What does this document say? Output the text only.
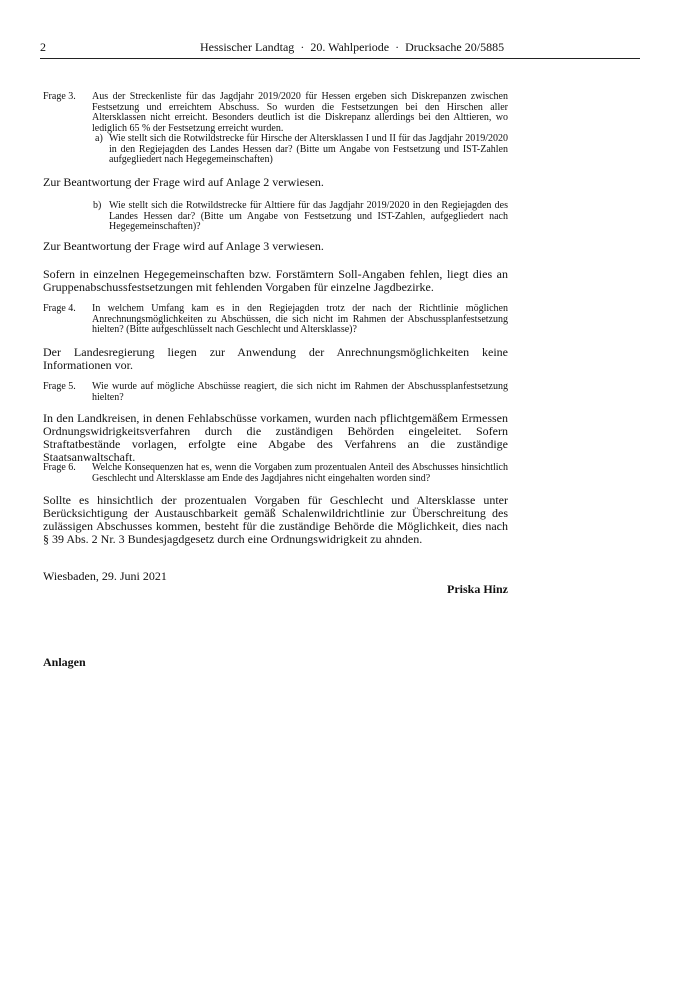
2	Hessischer Landtag · 20. Wahlperiode · Drucksache 20/5885
Frage 3.	Aus der Streckenliste für das Jagdjahr 2019/2020 für Hessen ergeben sich Diskrepanzen zwischen Festsetzung und erreichtem Abschuss. So wurden die Festsetzungen bei den Hirschen aller Altersklassen nicht erreicht. Besonders deutlich ist die Diskrepanz allerdings bei den Alttieren, wo lediglich 65 % der Festsetzung erreicht wurden.
a) Wie stellt sich die Rotwildstrecke für Hirsche der Altersklassen I und II für das Jagdjahr 2019/2020 in den Regiejagden des Landes Hessen dar? (Bitte um Angabe von Festsetzung und IST-Zahlen aufgegliedert nach Hegegemeinschaften)
Zur Beantwortung der Frage wird auf Anlage 2 verwiesen.
b) Wie stellt sich die Rotwildstrecke für Alttiere für das Jagdjahr 2019/2020 in den Regiejagden des Landes Hessen dar? (Bitte um Angabe von Festsetzung und IST-Zahlen, aufgegliedert nach Hegegemeinschaften)?
Zur Beantwortung der Frage wird auf Anlage 3 verwiesen.
Sofern in einzelnen Hegegemeinschaften bzw. Forstämtern Soll-Angaben fehlen, liegt dies an Gruppenabschussfestsetzungen mit fehlenden Vorgaben für einzelne Jagdbezirke.
Frage 4.	In welchem Umfang kam es in den Regiejagden trotz der nach der Richtlinie möglichen Anrechnungsmöglichkeiten zu Abschüssen, die sich nicht im Rahmen der Abschussplanfestsetzung hielten? (Bitte aufgeschlüsselt nach Geschlecht und Altersklasse)?
Der Landesregierung liegen zur Anwendung der Anrechnungsmöglichkeiten keine Informationen vor.
Frage 5.	Wie wurde auf mögliche Abschüsse reagiert, die sich nicht im Rahmen der Abschussplanfestsetzung hielten?
In den Landkreisen, in denen Fehlabschüsse vorkamen, wurden nach pflichtgemäßem Ermessen Ordnungswidrigkeitsverfahren durch die zuständigen Behörden eingeleitet. Sofern Straftatbestände vorlagen, erfolgte eine Abgabe des Verfahrens an die zuständige Staatsanwaltschaft.
Frage 6.	Welche Konsequenzen hat es, wenn die Vorgaben zum prozentualen Anteil des Abschusses hinsichtlich Geschlecht und Altersklasse am Ende des Jagdjahres nicht eingehalten worden sind?
Sollte es hinsichtlich der prozentualen Vorgaben für Geschlecht und Altersklasse unter Berücksichtigung der Austauschbarkeit gemäß Schalenwildrichtlinie zur Überschreitung des zulässigen Abschusses kommen, besteht für die zuständige Behörde die Möglichkeit, dies nach § 39 Abs. 2 Nr. 3 Bundesjagdgesetz durch eine Ordnungswidrigkeit zu ahnden.
Wiesbaden, 29. Juni 2021
Priska Hinz
Anlagen
